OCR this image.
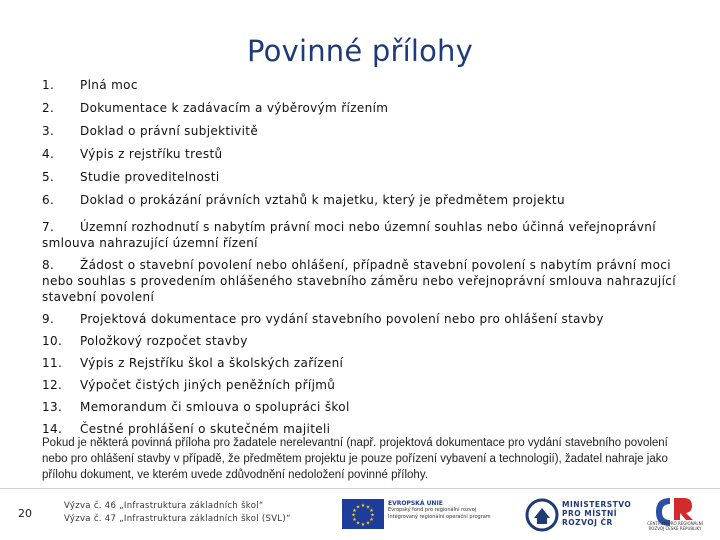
Povinné přílohy
1.	Plná moc
2.	Dokumentace k zadávacím a výběrovým řízením
3.	Doklad o právní subjektivitě
4.	Výpis z rejstříku trestů
5.	Studie proveditelnosti
6.	Doklad o prokázání právních vztahů k majetku, který je předmětem projektu
7. Územní rozhodnutí s nabytím právní moci nebo územní souhlas nebo účinná veřejnoprávní smlouva nahrazující územní řízení
8. Žádost o stavební povolení nebo ohlášení, případně stavební povolení s nabytím právní moci nebo souhlas s provedením ohlášeného stavebního záměru nebo veřejnoprávní smlouva nahrazující stavební povolení
9.	Projektová dokumentace pro vydání stavebního povolení nebo pro ohlášení stavby
10.	Položkový rozpočet stavby
11.	Výpis z Rejstříku škol a školských zařízení
12.	Výpočet čistých jiných peněžních příjmů
13.	Memorandum či smlouva o spolupráci škol
14.	Čestné prohlášení o skutečném majiteli
Pokud je některá povinná příloha pro žadatele nerelevantní (např. projektová dokumentace pro vydání stavebního povolení nebo pro ohlášení stavby v případě, že předmětem projektu je pouze pořízení vybavení a technologií), žadatel nahraje jako přílohu dokument, ve kterém uvede zdůvodnění nedoložení povinné přílohy.
20
Výzva č. 46 „Infrastruktura základních škol“
Výzva č. 47 „Infrastruktura základních škol (SVL)“
★ ★
★
★
★
★
★
★
★
★
★
★
EVROPSKÁ UNIE
Evropský fond pro regionální rozvoj
Integrovaný regionální operační program
MINISTERSTVO
PRO MÍSTNÍ
ROZVOJ ČR	CENTRUM PRO REGIONÁLNÍ ROZVOJ ČESKÉ REPUBLIKY
